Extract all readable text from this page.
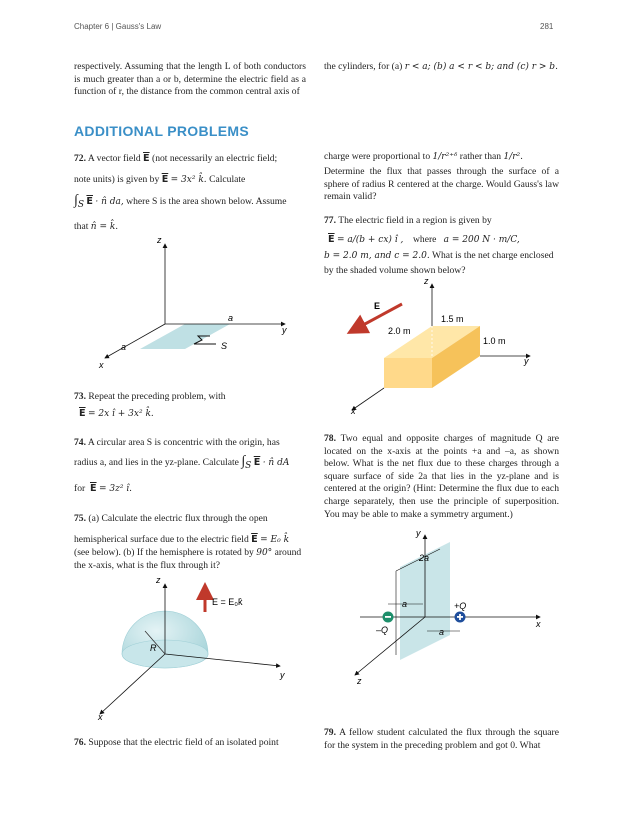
Chapter 6 | Gauss's Law	281
respectively. Assuming that the length L of both conductors is much greater than a or b, determine the electric field as a function of r, the distance from the common central axis of
the cylinders, for (a) r < a; (b) a < r < b; and (c) r > b.
ADDITIONAL PROBLEMS
72. A vector field $\overline{E}$ (not necessarily an electric field;
note units) is given by $\overline{E} = 3x^2$ k̂. Calculate
$\int_S$ $\overline{E}$ · n̂ da, where S is the area shown below. Assume
that n̂ = k̂.
z
y
x
a
a	S
73. Repeat the preceding problem, with
$\overline{E} = 2x$ î + 3x² k̂.
74. A circular area S is concentric with the origin, has
radius a, and lies in the yz-plane. Calculate $\int_S$ $\overline{E}$ · n̂ dA
for $\overline{E} = 3z^2$ î.
75. (a) Calculate the electric flux through the open
hemispherical surface due to the electric field $\overline{E} = E_0$ k̂
(see below). (b) If the hemisphere is rotated by 90° around
the x-axis, what is the flux through it?
z
y
x
R
E = E₀k̂
76. Suppose that the electric field of an isolated point
charge were proportional to 1/r²⁺ᵟ rather than 1/r².
Determine the flux that passes through the surface of a sphere of radius R centered at the charge. Would Gauss's law remain valid?
77. The electric field in a region is given by
$\overline{E} = a/(b + cx)$ î , where a = 200 N · m/C,
b = 2.0 m, and c = 2.0. What is the net charge enclosed
by the shaded volume shown below?
z
y
x
E
1.5 m
2.0 m
1.0 m
78. Two equal and opposite charges of magnitude Q are located on the x-axis at the points +a and –a, as shown below. What is the net flux due to these charges through a square surface of side 2a that lies in the yz-plane and is centered at the origin? (Hint: Determine the flux due to each charge separately, then use the principle of superposition. You may be able to make a symmetry argument.)
y
x
z
2a
a
a
+Q
–Q
79. A fellow student calculated the flux through the square for the system in the preceding problem and got 0. What
